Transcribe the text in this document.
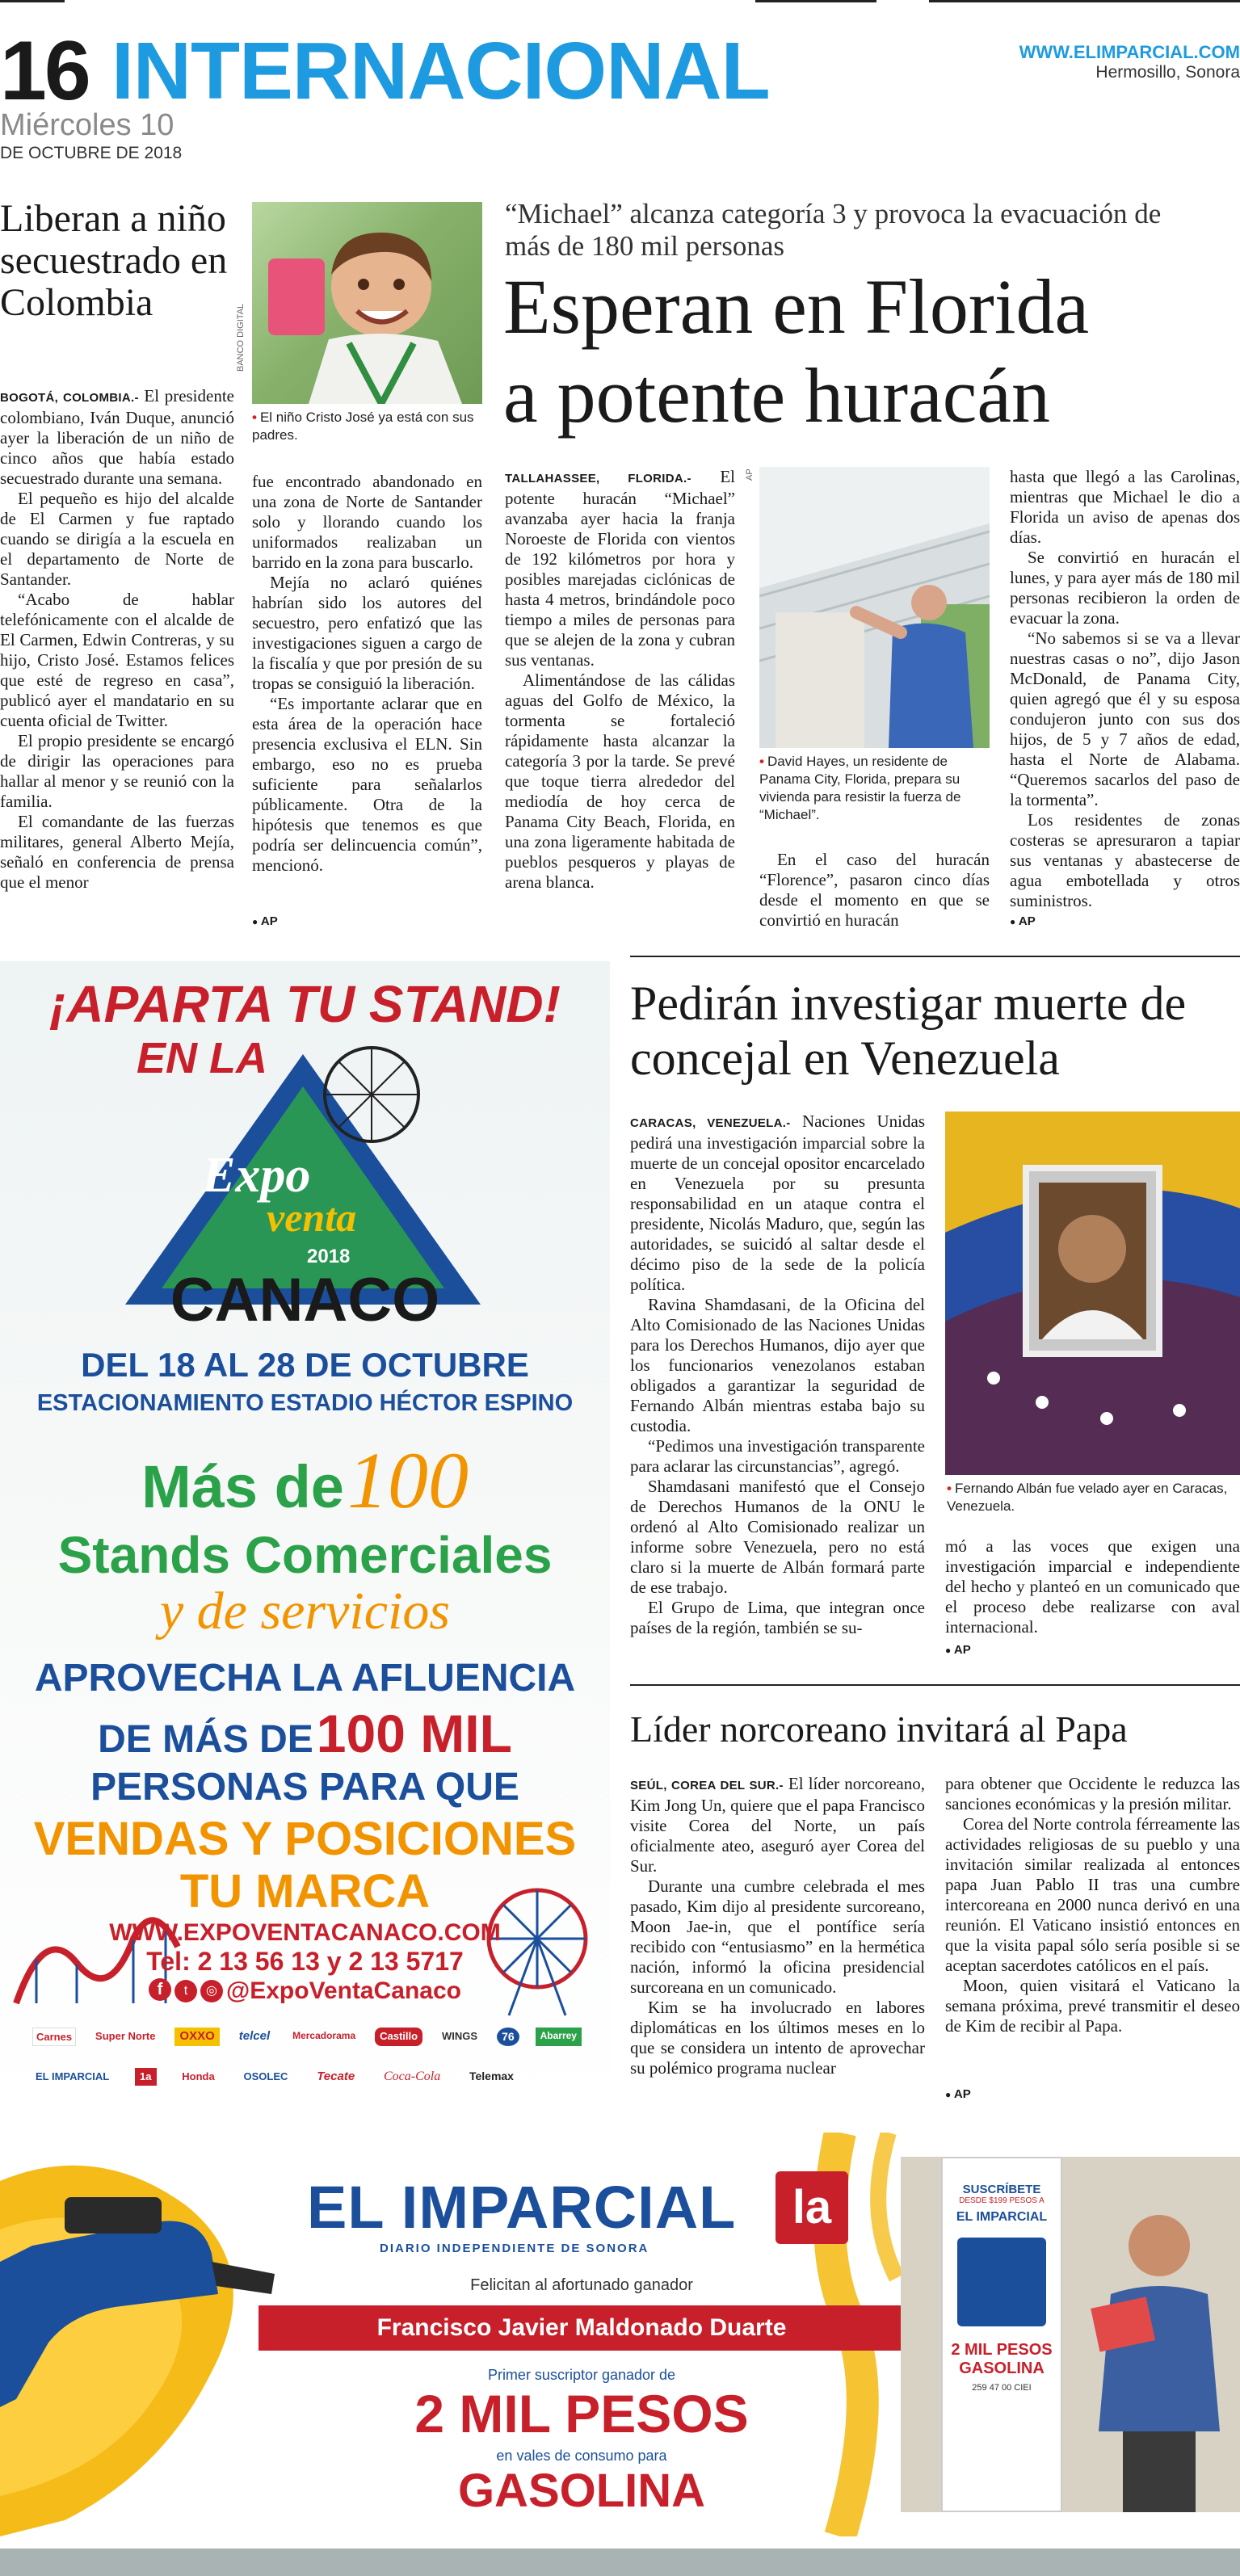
16 INTERNACIONAL
Miércoles 10
DE OCTUBRE DE 2018
WWW.ELIMPARCIAL.COM
Hermosillo, Sonora
Liberan a niño secuestrado en Colombia
BANCO DIGITAL
• El niño Cristo José ya está con sus padres.

BOGOTÁ, COLOMBIA.- El presidente colombiano, Iván Duque, anunció ayer la liberación de un niño de cinco años que había estado secuestrado durante una semana.

El pequeño es hijo del alcalde de El Carmen y fue raptado cuando se dirigía a la escuela en el departamento de Norte de Santander.

“Acabo de hablar telefónicamente con el alcalde de El Carmen, Edwin Contreras, y su hijo, Cristo José. Estamos felices que esté de regreso en casa”, publicó ayer el mandatario en su cuenta oficial de Twitter.

El propio presidente se encargó de dirigir las operaciones para hallar al menor y se reunió con la familia.

El comandante de las fuerzas militares, general Alberto Mejía, señaló en conferencia de prensa que el menor

fue encontrado abandonado en una zona de Norte de Santander solo y llorando cuando los uniformados realizaban un barrido en la zona para buscarlo.

Mejía no aclaró quiénes habrían sido los autores del secuestro, pero enfatizó que las investigaciones siguen a cargo de la fiscalía y que por presión de su tropas se consiguió la liberación.

“Es importante aclarar que en esta área de la operación hace presencia exclusiva el ELN. Sin embargo, eso no es prueba suficiente para señalarlos públicamente. Otra de la hipótesis que tenemos es que podría ser delincuencia común”, mencionó.

● AP
“Michael” alcanza categoría 3 y provoca la evacuación de más de 180 mil personas
Esperan en Florida
a potente huracán

TALLAHASSEE, FLORIDA.- El potente huracán “Michael” avanzaba ayer hacia la franja Noroeste de Florida con vientos de 192 kilómetros por hora y posibles marejadas ciclónicas de hasta 4 metros, brindándole poco tiempo a miles de personas para que se alejen de la zona y cubran sus ventanas.

Alimentándose de las cálidas aguas del Golfo de México, la tormenta se fortaleció rápidamente hasta alcanzar la categoría 3 por la tarde. Se prevé que toque tierra alrededor del mediodía de hoy cerca de Panama City Beach, Florida, en una zona ligeramente habitada de pueblos pesqueros y playas de arena blanca.

AP
• David Hayes, un residente de Panama City, Florida, prepara su vivienda para resistir la fuerza de “Michael”.

En el caso del huracán “Florence”, pasaron cinco días desde el momento en que se convirtió en huracán

hasta que llegó a las Carolinas, mientras que Michael le dio a Florida un aviso de apenas dos días.

Se convirtió en huracán el lunes, y para ayer más de 180 mil personas recibieron la orden de evacuar la zona.

“No sabemos si se va a llevar nuestras casas o no”, dijo Jason McDonald, de Panama City, quien agregó que él y su esposa condujeron junto con sus dos hijos, de 5 y 7 años de edad, hasta el Norte de Alabama. “Queremos sacarlos del paso de la tormenta”.

Los residentes de zonas costeras se apresuraron a tapiar sus ventanas y abastecerse de agua embotellada y otros suministros.

● AP
¡APARTA TU STAND!
EN LA
Expo
venta
2018
CANACO
DEL 18 AL 28 DE OCTUBRE
ESTACIONAMIENTO ESTADIO HÉCTOR ESPINO
Más de 100
Stands Comerciales
y de servicios
APROVECHA LA AFLUENCIA
DE MÁS DE 100 MIL
PERSONAS PARA QUE
VENDAS Y POSICIONES
TU MARCA
WWW.EXPOVENTACANACO.COM
Tel: 2 13 56 13 y 2 13 5717
f t ◎ @ExpoVentaCanaco
Carnes	Super Norte	OXXO	telcel	Mercadorama	Castillo	WINGS	76	Abarrey
EL IMPARCIAL	1a	Honda	OSOLEC Tecate Coca-Cola	Telemax
Pedirán investigar muerte de concejal en Venezuela

CARACAS, VENEZUELA.- Naciones Unidas pedirá una investigación imparcial sobre la muerte de un concejal opositor encarcelado en Venezuela por su presunta responsabilidad en un ataque contra el presidente, Nicolás Maduro, que, según las autoridades, se suicidó al saltar desde el décimo piso de la sede de la policía política.

Ravina Shamdasani, de la Oficina del Alto Comisionado de las Naciones Unidas para los Derechos Humanos, dijo ayer que los funcionarios venezolanos estaban obligados a garantizar la seguridad de Fernando Albán mientras estaba bajo su custodia.

“Pedimos una investigación transparente para aclarar las circunstancias”, agregó.

Shamdasani manifestó que el Consejo de Derechos Humanos de la ONU le ordenó al Alto Comisionado realizar un informe sobre Venezuela, pero no está claro si la muerte de Albán formará parte de ese trabajo.

El Grupo de Lima, que integran once países de la región, también se su-

• Fernando Albán fue velado ayer en Caracas, Venezuela.

mó a las voces que exigen una investigación imparcial e independiente del hecho y planteó en un comunicado que el proceso debe realizarse con aval internacional.

● AP
Líder norcoreano invitará al Papa

SEÚL, COREA DEL SUR.- El líder norcoreano, Kim Jong Un, quiere que el papa Francisco visite Corea del Norte, un país oficialmente ateo, aseguró ayer Corea del Sur.

Durante una cumbre celebrada el mes pasado, Kim dijo al presidente surcoreano, Moon Jae-in, que el pontífice sería recibido con “entusiasmo” en la hermética nación, informó la oficina presidencial surcoreana en un comunicado.

Kim se ha involucrado en labores diplomáticas en los últimos meses en lo que se considera un intento de aprovechar su polémico programa nuclear

para obtener que Occidente le reduzca las sanciones económicas y la presión militar.

Corea del Norte controla férreamente las actividades religiosas de su pueblo y una invitación similar realizada al entonces papa Juan Pablo II tras una cumbre intercoreana en 2000 nunca derivó en una reunión. El Vaticano insistió entonces en que la visita papal sólo sería posible si se aceptan sacerdotes católicos en el país.

Moon, quien visitará el Vaticano la semana próxima, prevé transmitir el deseo de Kim de recibir al Papa.

● AP
EL IMPARCIAL
DIARIO INDEPENDIENTE DE SONORA
la
Felicitan al afortunado ganador
Francisco Javier Maldonado Duarte
Primer suscriptor ganador de
2 MIL PESOS
en vales de consumo para
GASOLINA
SUSCRÍBETE
DESDE $199 PESOS A
EL IMPARCIAL
2 MIL PESOS
GASOLINA
259 47 00 CIEI
